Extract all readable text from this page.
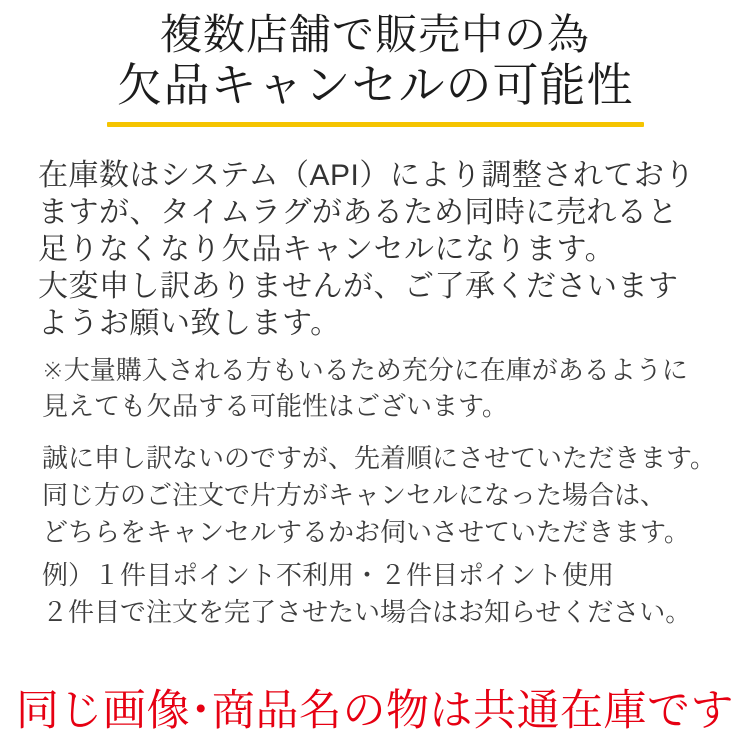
複数店舗で販売中の為
欠品キャンセルの可能性
在庫数はシステム（API）により調整されており
ますが、タイムラグがあるため同時に売れると
足りなくなり欠品キャンセルになります。
大変申し訳ありませんが、ご了承くださいます
ようお願い致します。
※大量購入される方もいるため充分に在庫があるように
見えても欠品する可能性はございます。
誠に申し訳ないのですが、先着順にさせていただきます。
同じ方のご注文で片方がキャンセルになった場合は、
どちらをキャンセルするかお伺いさせていただきます。
例）１件目ポイント不利用・２件目ポイント使用
２件目で注文を完了させたい場合はお知らせください。
同じ画像･商品名の物は共通在庫です
